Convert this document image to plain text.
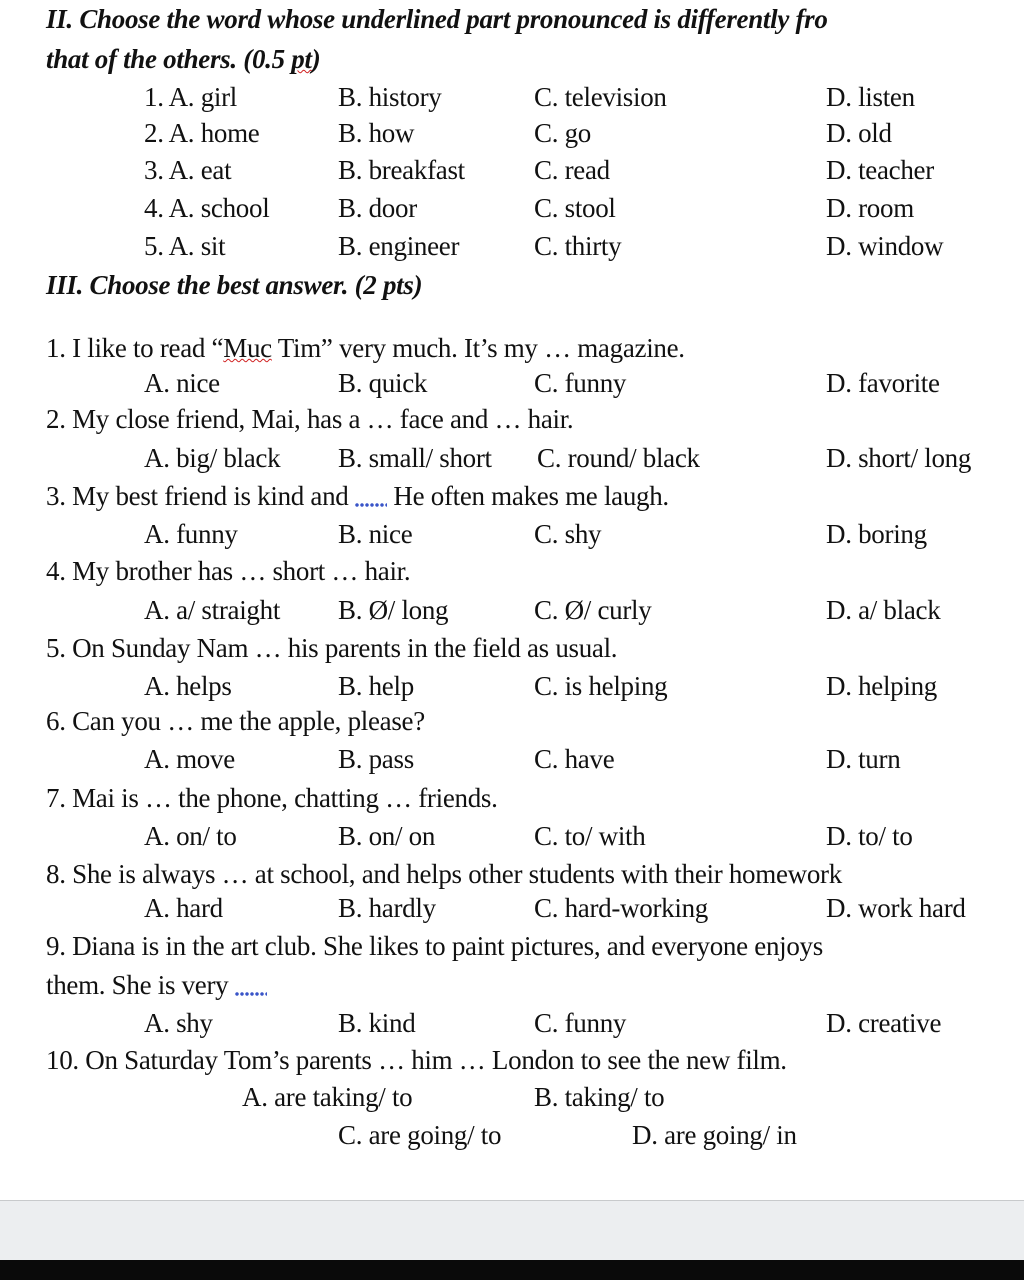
II. Choose the word whose underlined part pronounced is differently fro
that of the others. (0.5 pt)
1. A. girl	B. history	C. television	D. listen
2. A. home	B. how	C. go	D. old
3. A. eat	B. breakfast	C. read	D. teacher
4. A. school	B. door	C. stool	D. room
5. A. sit	B. engineer	C. thirty	D. window
III. Choose the best answer. (2 pts)
1. I like to read “Muc Tim” very much. It’s my … magazine.
A. nice	B. quick	C. funny	D. favorite
2. My close friend, Mai, has a … face and … hair.
A. big/ black B. small/ short C. round/ black	D. short/ long
3. My best friend is kind and  He often makes me laugh.
A. funny	B. nice	C. shy	D. boring
4. My brother has … short … hair.
A. a/ straight B. Ø/ long	C. Ø/ curly	D. a/ black
5. On Sunday Nam … his parents in the field as usual.
A. helps	B. help	C. is helping	D. helping
6. Can you … me the apple, please?
A. move	B. pass	C. have	D. turn
7. Mai is … the phone, chatting … friends.
A. on/ to	B. on/ on	C. to/ with	D. to/ to
8. She is always … at school, and helps other students with their homework
A. hard	B. hardly	C. hard-working	D. work hard
9. Diana is in the art club. She likes to paint pictures, and everyone enjoys
them. She is very
A. shy	B. kind	C. funny	D. creative
10. On Saturday Tom’s parents … him … London to see the new film.
A. are taking/ to	B. taking/ to
C. are going/ to	D. are going/ in
